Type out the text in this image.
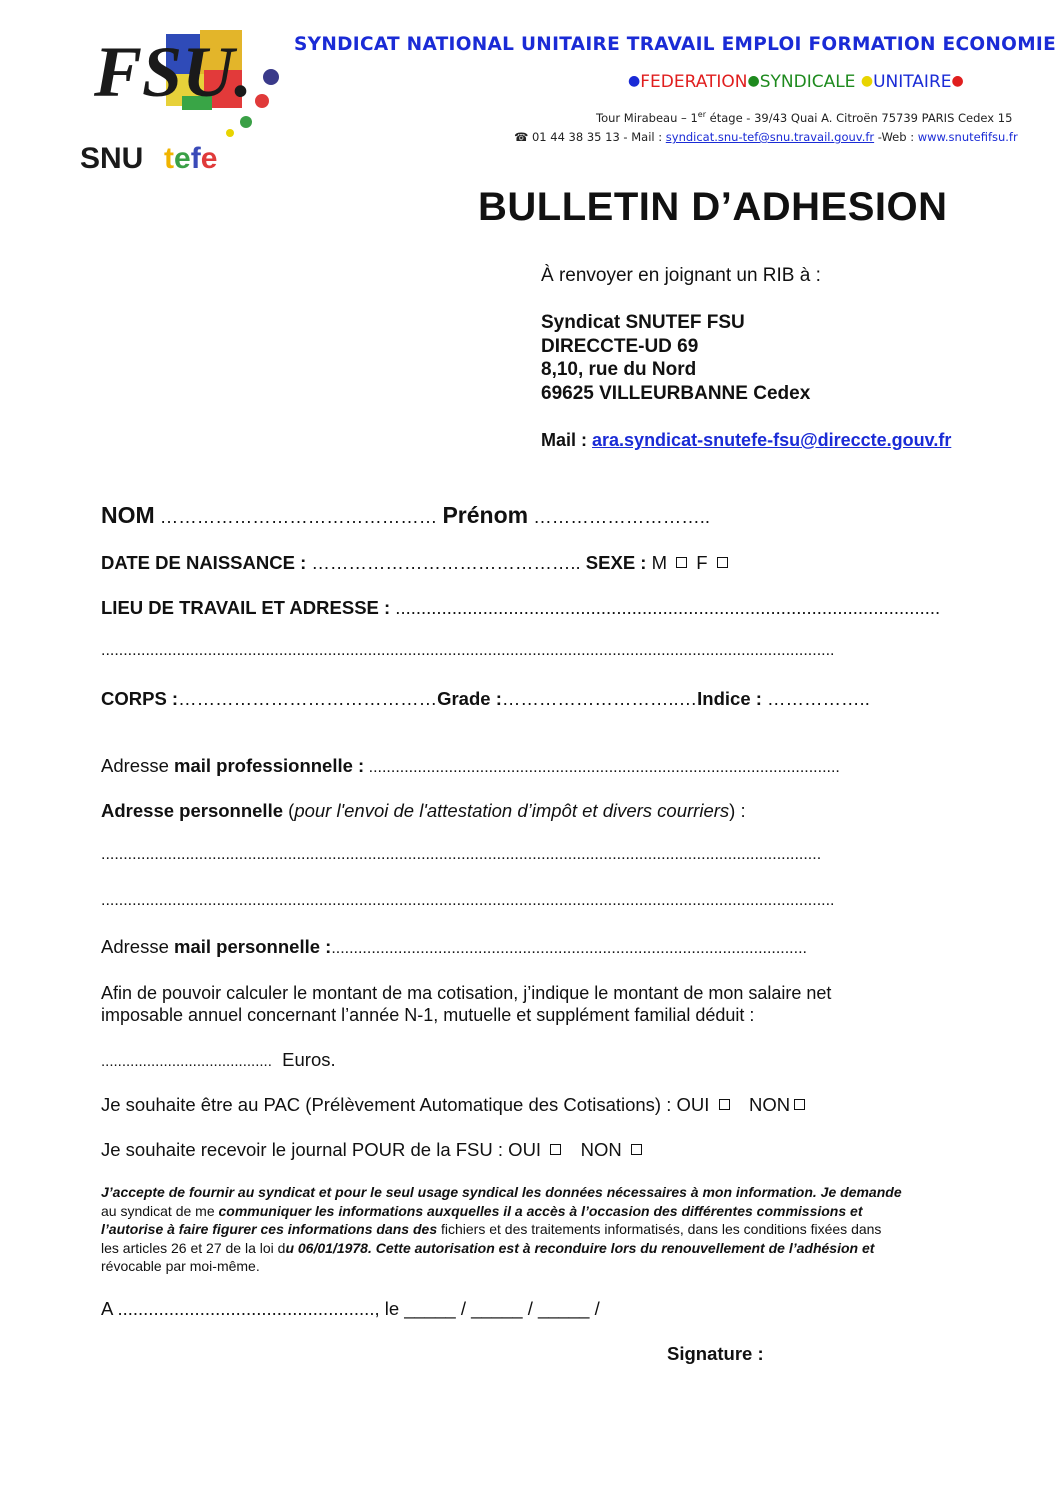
FSU.
SNU tefe
SYNDICAT NATIONAL UNITAIRE TRAVAIL EMPLOI FORMATION ECONOMIE
●FEDERATION●SYNDICALE ●UNITAIRE●
Tour Mirabeau – 1er étage - 39/43 Quai A. Citroën 75739 PARIS Cedex 15
☎ 01 44 38 35 13 - Mail : syndicat.snu-tef@snu.travail.gouv.fr -Web : www.snutefifsu.fr
BULLETIN D’ADHESION
À renvoyer en joignant un RIB à :
Syndicat SNUTEF FSU
DIRECCTE-UD 69
8,10, rue du Nord
69625 VILLEURBANNE Cedex
Mail : ara.syndicat-snutefe-fsu@direccte.gouv.fr
NOM ……………………………………… Prénom ………………………..
DATE DE NAISSANCE : …………………………………….. SEXE : M  F
LIEU DE TRAVAIL ET ADRESSE : ..........................................................................................................
.....................................................................................................................................................................
CORPS :……………………………………Grade :………………………..…Indice : ……………..
Adresse mail professionnelle : ..........................................................................................................
Adresse personnelle (pour l'envoi de l'attestation d’impôt et divers courriers) :
..................................................................................................................................................................
.....................................................................................................................................................................
Adresse mail personnelle :...........................................................................................................
Afin de pouvoir calculer le montant de ma cotisation, j’indique le montant de mon salaire net
imposable annuel concernant l’année N-1, mutuelle et supplément familial déduit :
......................................... Euros.
Je souhaite être au PAC (Prélèvement Automatique des Cotisations) : OUI NON
Je souhaite recevoir le journal POUR de la FSU : OUI NON
J’accepte de fournir au syndicat et pour le seul usage syndical les données nécessaires à mon information. Je demande
au syndicat de me communiquer les informations auxquelles il a accès à l’occasion des différentes commissions et
l’autorise à faire figurer ces informations dans des fichiers et des traitements informatisés, dans les conditions fixées dans
les articles 26 et 27 de la loi du 06/01/1978. Cette autorisation est à reconduire lors du renouvellement de l’adhésion et
révocable par moi-même.
A .................................................., le _____ / _____ / _____ /
Signature :
